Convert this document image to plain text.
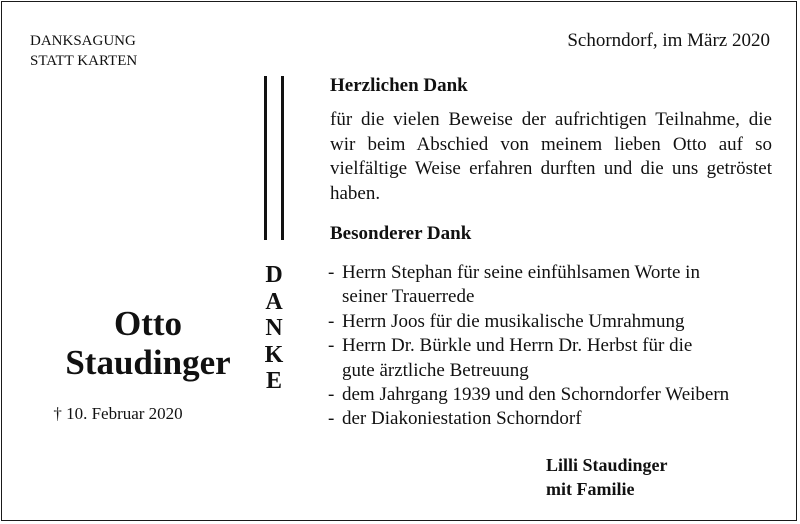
DANKSAGUNG
STATT KARTEN
Schorndorf, im März 2020
D
A
N
K
E
Otto
Staudinger
† 10. Februar 2020
Herzlichen Dank
für die vielen Beweise der aufrichtigen Teilnahme, die wir beim Abschied von meinem lieben Otto auf so vielfältige Weise erfahren durften und die uns getröstet haben.
Besonderer Dank
- Herrn Stephan für seine einfühlsamen Worte in
seiner Trauerrede
- Herrn Joos für die musikalische Umrahmung
- Herrn Dr. Bürkle und Herrn Dr. Herbst für die
gute ärztliche Betreuung
- dem Jahrgang 1939 und den Schorndorfer Weibern
- der Diakoniestation Schorndorf
Lilli Staudinger
mit Familie
